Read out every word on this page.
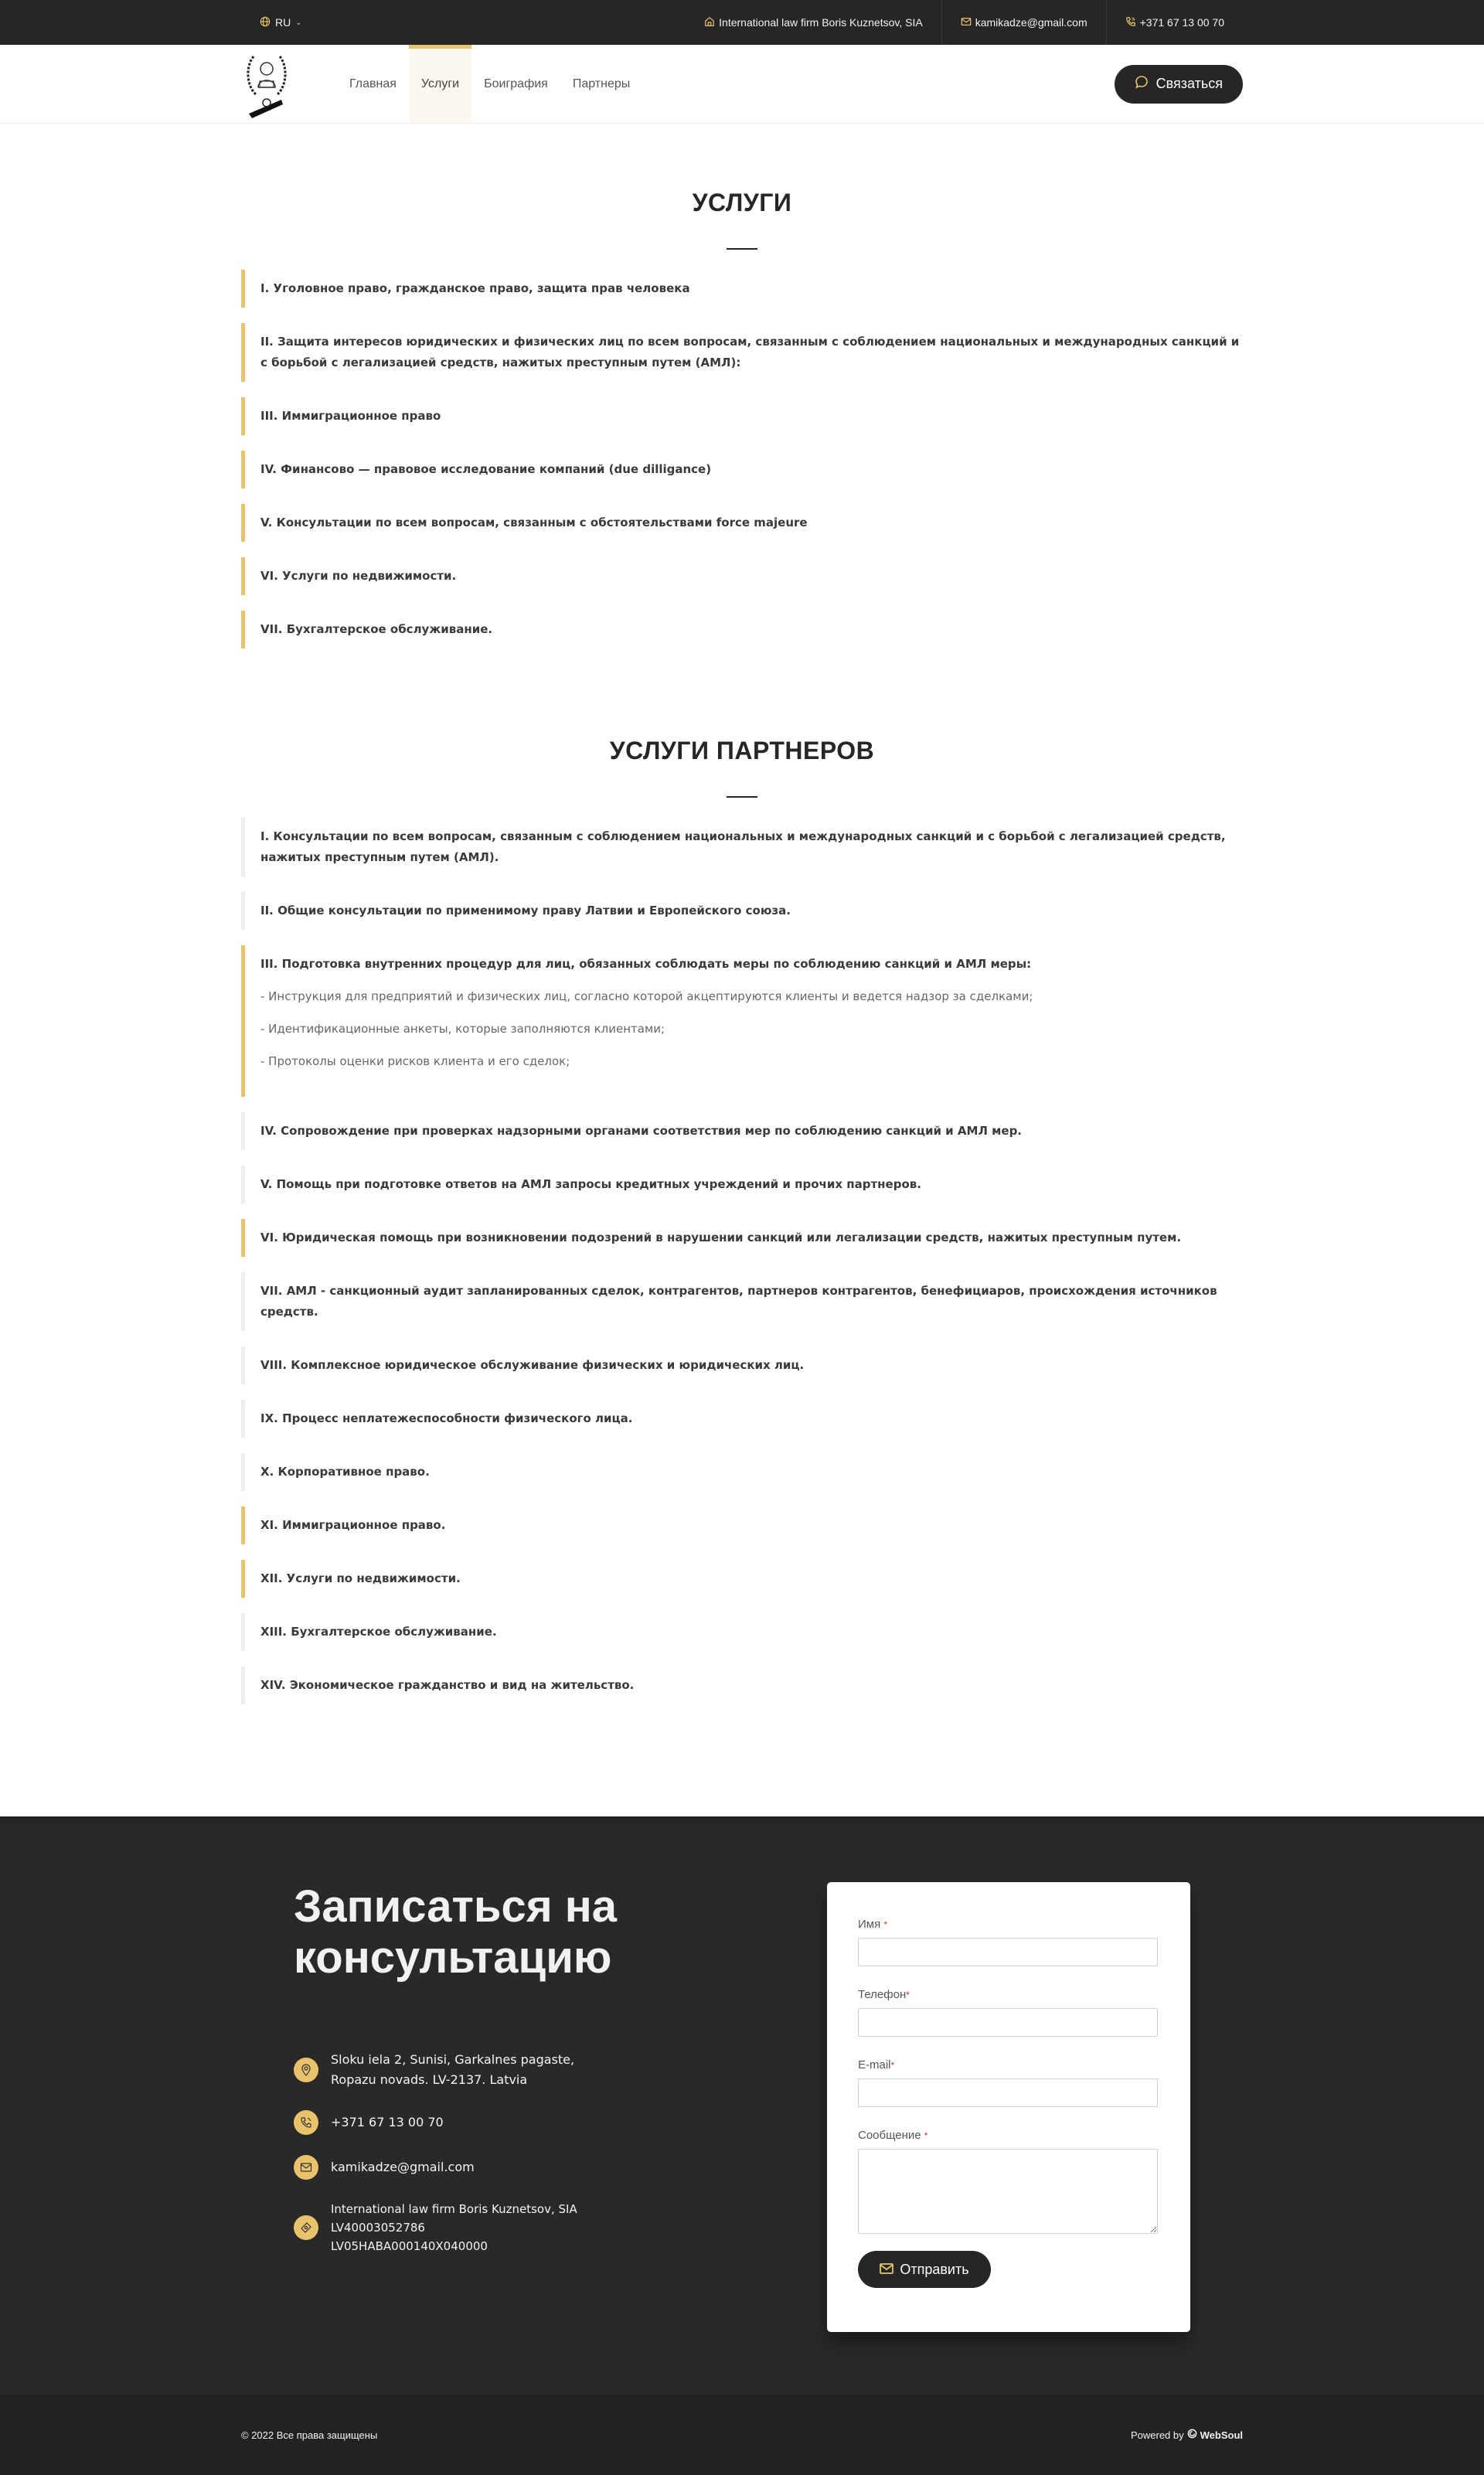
RU ⌄	International law firm Boris Kuznetsov, SIA	kamikadze@gmail.com	+371 67 13 00 70
Главная	Услуги	Боиграфия	Партнеры	Связаться
УСЛУГИ
I. Уголовное право, гражданское право, защита прав человека
II. Защита интересов юридических и физических лиц по всем вопросам, связанным с соблюдением национальных и международных санкций и с борьбой с легализацией средств, нажитых преступным путем (АМЛ):
III. Иммиграционное право
IV. Финансово — правовое исследование компаний (due dilligance)
V. Консультации по всем вопросам, связанным с обстоятельствами force majeure
VI. Услуги по недвижимости.
VII. Бухгалтерское обслуживание.
УСЛУГИ ПАРТНЕРОВ
I. Консультации по всем вопросам, связанным с соблюдением национальных и международных санкций и с борьбой с легализацией средств, нажитых преступным путем (АМЛ).
II. Общие консультации по применимому праву Латвии и Европейского союза.
III. Подготовка внутренних процедур для лиц, обязанных соблюдать меры по соблюдению санкций и АМЛ меры:
- Инструкция для предприятий и физических лиц, согласно которой акцептируются клиенты и ведется надзор за сделками;
- Идентификационные анкеты, которые заполняются клиентами;
- Протоколы оценки рисков клиента и его сделок;
IV. Сопровождение при проверках надзорными органами соответствия мер по соблюдению санкций и АМЛ мер.
V. Помощь при подготовке ответов на АМЛ запросы кредитных учреждений и прочих партнеров.
VI. Юридическая помощь при возникновении подозрений в нарушении санкций или легализации средств, нажитых преступным путем.
VII. АМЛ - санкционный аудит запланированных сделок, контрагентов, партнеров контрагентов, бенефициаров, происхождения источников средств.
VIII. Комплексное юридическое обслуживание физических и юридических лиц.
IX. Процесс неплатежеспособности физического лица.
X. Корпоративное право.
XI. Иммиграционное право.
XII. Услуги по недвижимости.
XIII. Бухгалтерское обслуживание.
XIV. Экономическое гражданство и вид на жительство.
Записаться на
консультацию
Sloku iela 2, Sunisi, Garkalnes pagaste,
Ropazu novads. LV-2137. Latvia
+371 67 13 00 70
kamikadze@gmail.com
International law firm Boris Kuznetsov, SIA
LV40003052786
LV05HABA000140X040000
Имя *
Телефон*
E-mail*
Сообщение *
Отправить
© 2022 Все права защищены	Powered by WebSoul
